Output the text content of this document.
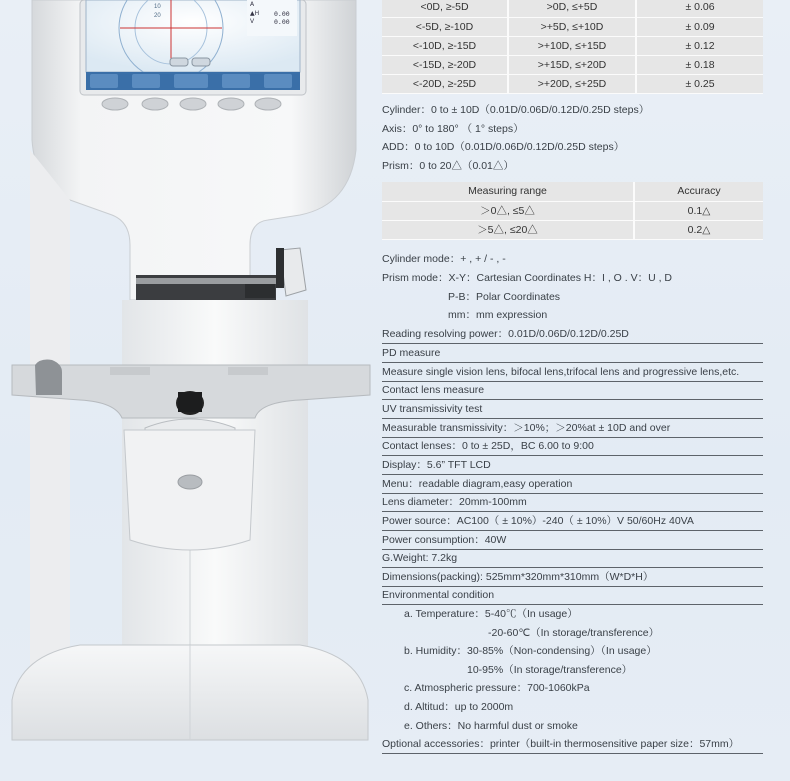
A
▲H
V
0.00
0.00
10
20
<0D, ≥-5D	>0D, ≤+5D	± 0.06
<-5D, ≥-10D	>+5D, ≤+10D	± 0.09
<-10D, ≥-15D	>+10D, ≤+15D	± 0.12
<-15D, ≥-20D	>+15D, ≤+20D	± 0.18
<-20D, ≥-25D	>+20D, ≤+25D	± 0.25
Cylinder：0 to ± 10D（0.01D/0.06D/0.12D/0.25D steps）
Axis：0° to 180° （ 1° steps）
ADD：0 to 10D（0.01D/0.06D/0.12D/0.25D steps）
Prism：0 to 20△（0.01△）
Measuring range	Accuracy
＞0△, ≤5△	0.1△
＞5△, ≤20△	0.2△
Cylinder mode：+ , + / - , -
Prism mode：X-Y：Cartesian Coordinates H：I , O . V：U , D
P-B：Polar Coordinates
mm：mm expression
Reading resolving power：0.01D/0.06D/0.12D/0.25D
PD measure
Measure single vision lens, bifocal lens,trifocal lens and progressive lens,etc.
Contact lens measure
UV transmissivity test
Measurable transmissivity：＞10%；＞20%at ± 10D and over
Contact lenses：0 to ± 25D，BC 6.00 to 9:00
Display：5.6” TFT LCD
Menu：readable diagram,easy operation
Lens diameter：20mm-100mm
Power source：AC100（ ± 10%）-240（ ± 10%）V 50/60Hz 40VA
Power consumption：40W
G.Weight: 7.2kg
Dimensions(packing): 525mm*320mm*310mm（W*D*H）
Environmental condition
a. Temperature：5-40℃（In usage）
-20-60℃（In storage/transference）
b. Humidity：30-85%（Non-condensing）（In usage）
10-95%（In storage/transference）
c. Atmospheric pressure：700-1060kPa
d. Altitud：up to 2000m
e. Others：No harmful dust or smoke
Optional accessories：printer（built-in thermosensitive paper size：57mm）
